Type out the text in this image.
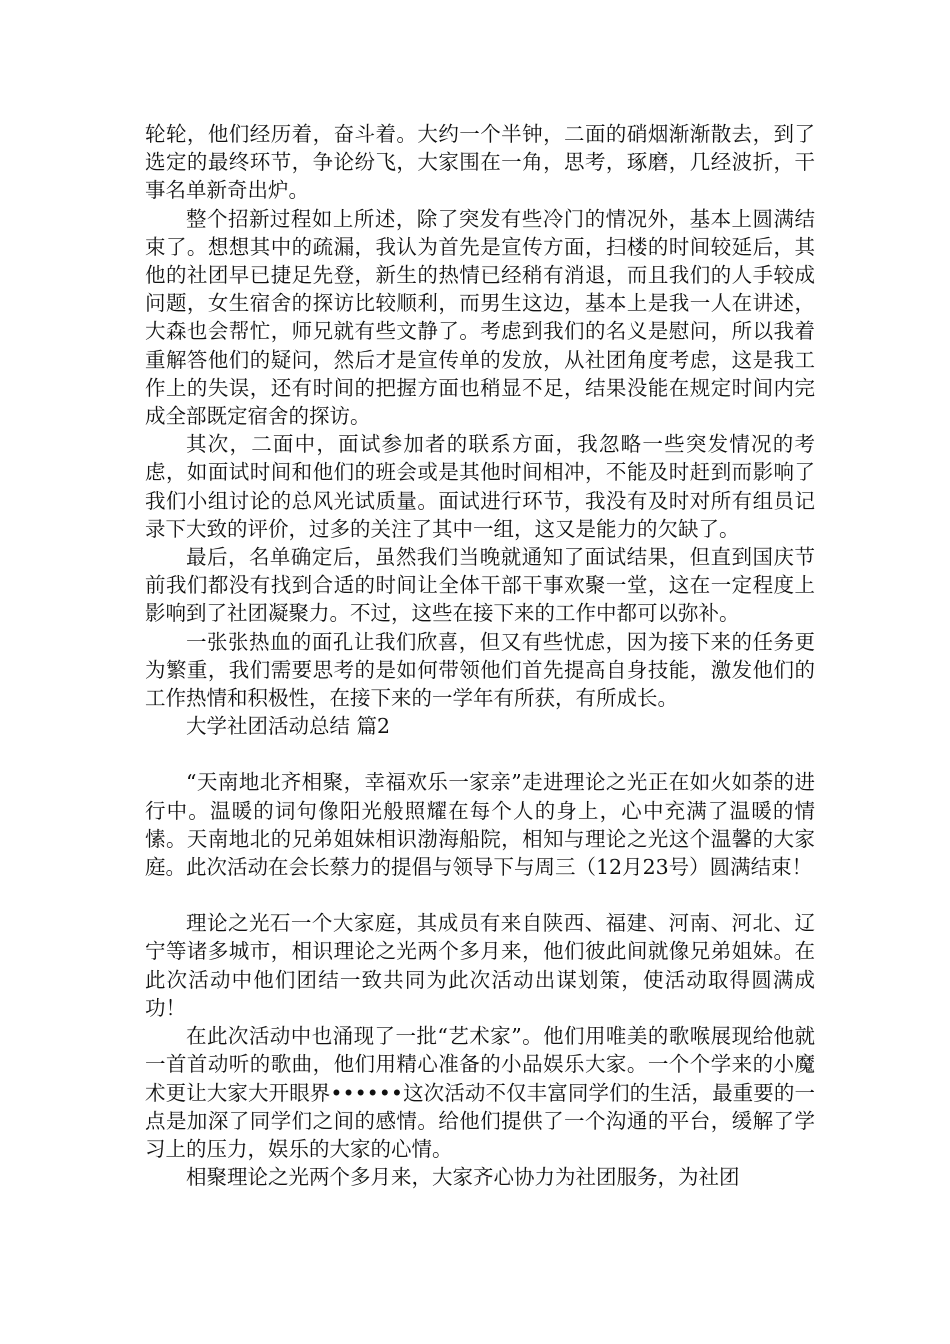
轮轮，他们经历着，奋斗着。大约一个半钟，二面的硝烟渐渐散去，到了选定的最终环节，争论纷飞，大家围在一角，思考，琢磨，几经波折，干事名单新奇出炉。

整个招新过程如上所述，除了突发有些冷门的情况外，基本上圆满结束了。想想其中的疏漏，我认为首先是宣传方面，扫楼的时间较延后，其他的社团早已捷足先登，新生的热情已经稍有消退，而且我们的人手较成问题，女生宿舍的探访比较顺利，而男生这边，基本上是我一人在讲述，大森也会帮忙，师兄就有些文静了。考虑到我们的名义是慰问，所以我着重解答他们的疑问，然后才是宣传单的发放，从社团角度考虑，这是我工作上的失误，还有时间的把握方面也稍显不足，结果没能在规定时间内完成全部既定宿舍的探访。

其次，二面中，面试参加者的联系方面，我忽略一些突发情况的考虑，如面试时间和他们的班会或是其他时间相冲，不能及时赶到而影响了我们小组讨论的总风光试质量。面试进行环节，我没有及时对所有组员记录下大致的评价，过多的关注了其中一组，这又是能力的欠缺了。

最后，名单确定后，虽然我们当晚就通知了面试结果，但直到国庆节前我们都没有找到合适的时间让全体干部干事欢聚一堂，这在一定程度上影响到了社团凝聚力。不过，这些在接下来的工作中都可以弥补。

一张张热血的面孔让我们欣喜，但又有些忧虑，因为接下来的任务更为繁重，我们需要思考的是如何带领他们首先提高自身技能，激发他们的工作热情和积极性，在接下来的一学年有所获，有所成长。

大学社团活动总结 篇2

“天南地北齐相聚，幸福欢乐一家亲”走进理论之光正在如火如荼的进行中。温暖的词句像阳光般照耀在每个人的身上，心中充满了温暖的情愫。天南地北的兄弟姐妹相识渤海船院，相知与理论之光这个温馨的大家庭。此次活动在会长蔡力的提倡与领导下与周三（12月23号）圆满结束！

理论之光石一个大家庭，其成员有来自陕西、福建、河南、河北、辽宁等诸多城市，相识理论之光两个多月来，他们彼此间就像兄弟姐妹。在此次活动中他们团结一致共同为此次活动出谋划策，使活动取得圆满成功！

在此次活动中也涌现了一批“艺术家”。他们用唯美的歌喉展现给他就一首首动听的歌曲，他们用精心准备的小品娱乐大家。一个个学来的小魔术更让大家大开眼界••••••这次活动不仅丰富同学们的生活，最重要的一点是加深了同学们之间的感情。给他们提供了一个沟通的平台，缓解了学习上的压力，娱乐的大家的心情。

相聚理论之光两个多月来，大家齐心协力为社团服务，为社团
